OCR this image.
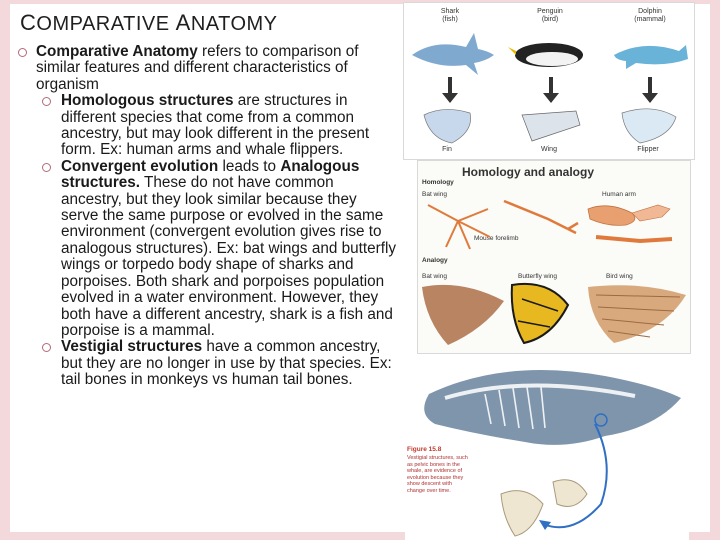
COMPARATIVE ANATOMY
Comparative Anatomy refers to comparison of similar features and different characteristics of organism
Homologous structures are structures in different species that come from a common ancestry, but may look different in the present form. Ex: human arms and whale flippers.
Convergent evolution leads to Analogous structures. These do not have common ancestry, but they look similar because they serve the same purpose or evolved in the same environment (convergent evolution gives rise to analogous structures). Ex: bat wings and butterfly wings or torpedo body shape of sharks and porpoises. Both shark and porpoises population evolved in a water environment. However, they both have a different ancestry, shark is a fish and porpoise is a mammal.
Vestigial structures have a common ancestry, but they are no longer in use by that species. Ex: tail bones in monkeys vs human tail bones.
Shark
(fish)
Penguin
(bird)
Dolphin
(mammal)
Fin	Wing	Flipper
Homology and analogy
Homology
Bat wing	Human arm
Mouse forelimb
Analogy
Bat wing	Butterfly wing	Bird wing
Figure 15.8
Vestigial structures, such as pelvic bones in the whale, are evidence of evolution because they show descent with change over time.
